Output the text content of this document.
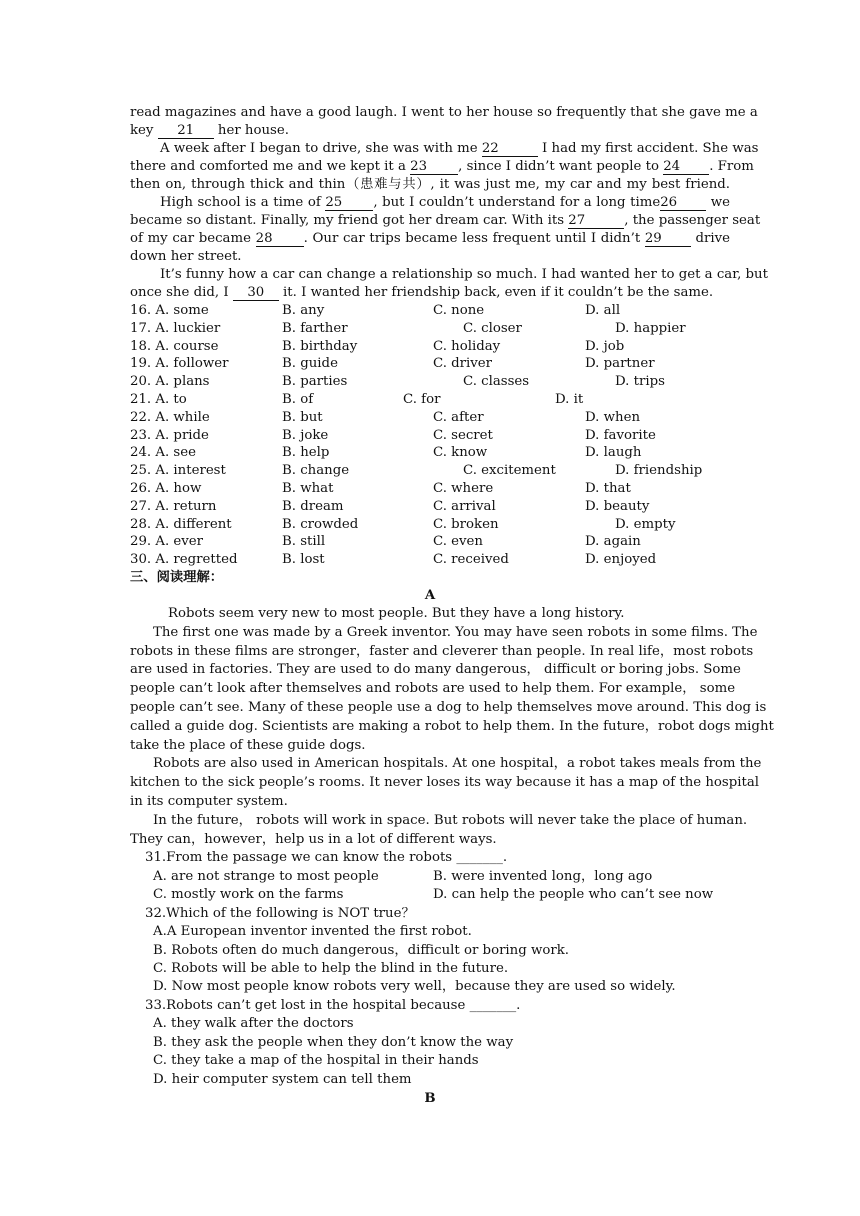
read magazines and have a good laugh. I went to her house so frequently that she gave me a
key 21 her house.
A week after I began to drive, she was with me 22	I had my first accident. She was
there and comforted me and we kept it a 23 , since I didn’t want people to 24 . From
then on, through thick and thin（患难与共）, it was just me, my car and my best friend.
High school is a time of 25 , but I couldn’t understand for a long time26 we
became so distant. Finally, my friend got her dream car. With its 27	, the passenger seat
of my car became 28 . Our car trips became less frequent until I didn’t 29 drive
down her street.
It’s funny how a car can change a relationship so much. I had wanted her to get a car, but
once she did, I 30 it. I wanted her friendship back, even if it couldn’t be the same.
16. A. some	B. any	C. none	D. all
17. A. luckier	B. farther	C. closer	D. happier
18. A. course	B. birthday	C. holiday	D. job
19. A. follower	B. guide	C. driver	D. partner
20. A. plans	B. parties	C. classes	D. trips
21. A. to	B. of	C. for	D. it
22. A. while	B. but	C. after	D. when
23. A. pride	B. joke	C. secret	D. favorite
24. A. see	B. help	C. know	D. laugh
25. A. interest	B. change	C. excitement	D. friendship
26. A. how	B. what	C. where	D. that
27. A. return	B. dream	C. arrival	D. beauty
28. A. different	B. crowded	C. broken	D. empty
29. A. ever	B. still	C. even	D. again
30. A. regretted	B. lost	C. received	D. enjoyed
三、阅读理解：
A
Robots seem very new to most people. But they have a long history.
The first one was made by a Greek inventor. You may have seen robots in some films. The
robots in these films are stronger，faster and cleverer than people. In real life，most robots
are used in factories. They are used to do many dangerous， difficult or boring jobs. Some
people can’t look after themselves and robots are used to help them. For example， some
people can’t see. Many of these people use a dog to help themselves move around. This dog is
called a guide dog. Scientists are making a robot to help them. In the future，robot dogs might
take the place of these guide dogs.
Robots are also used in American hospitals. At one hospital，a robot takes meals from the
kitchen to the sick people’s rooms. It never loses its way because it has a map of the hospital
in its computer system.
In the future， robots will work in space. But robots will never take the place of human.
They can，however，help us in a lot of different ways.
31.From the passage we can know the robots _______.
A. are not strange to most people	B. were invented long，long ago
C. mostly work on the farms	D. can help the people who can’t see now
32.Which of the following is NOT true？
A.A European inventor invented the first robot.
B. Robots often do much dangerous，difficult or boring work.
C. Robots will be able to help the blind in the future.
D. Now most people know robots very well，because they are used so widely.
33.Robots can’t get lost in the hospital because _______.
A. they walk after the doctors
B. they ask the people when they don’t know the way
C. they take a map of the hospital in their hands
D. heir computer system can tell them
B
